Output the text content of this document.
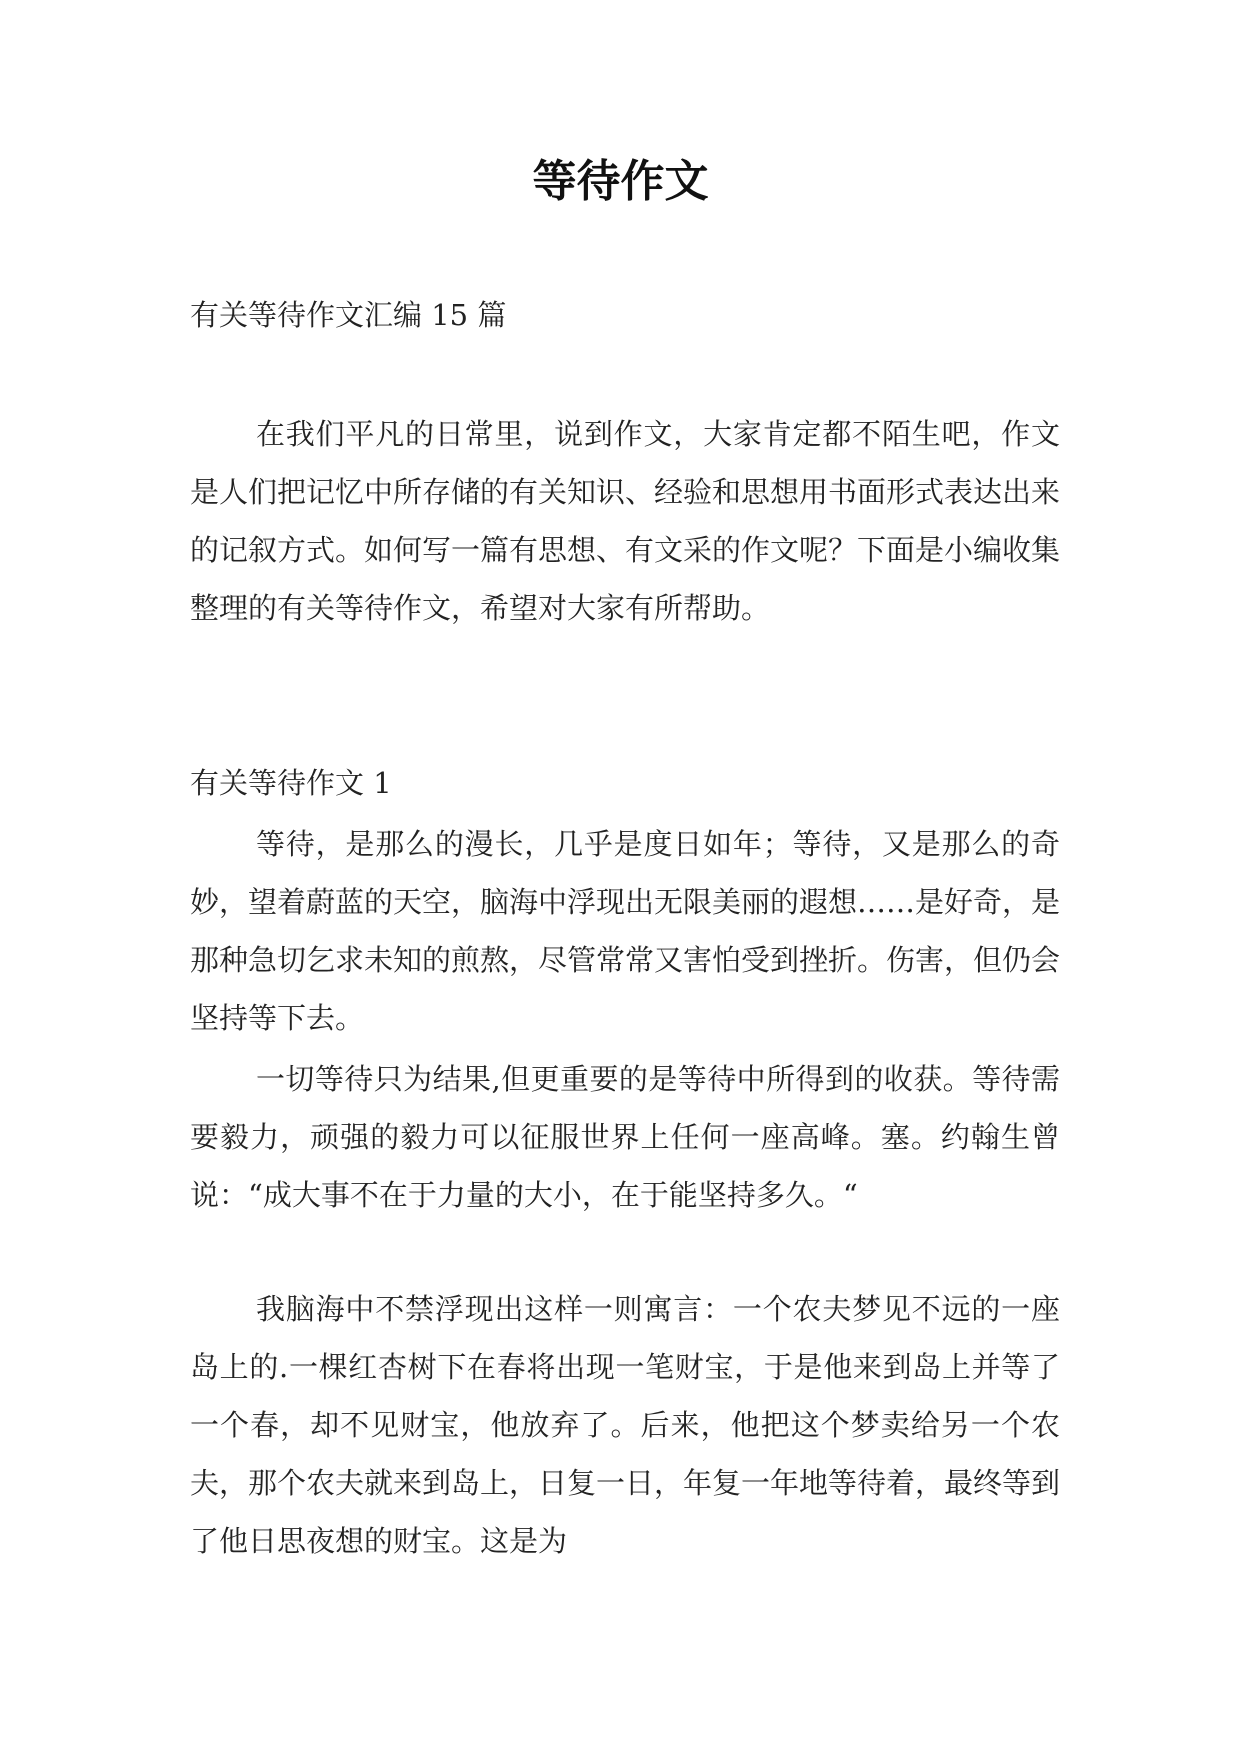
等待作文
有关等待作文汇编 15 篇
在我们平凡的日常里，说到作文，大家肯定都不陌生吧，作文是人们把记忆中所存储的有关知识、经验和思想用书面形式表达出来的记叙方式。如何写一篇有思想、有文采的作文呢？下面是小编收集整理的有关等待作文，希望对大家有所帮助。
有关等待作文 1
等待，是那么的漫长，几乎是度日如年；等待，又是那么的奇妙，望着蔚蓝的天空，脑海中浮现出无限美丽的遐想……是好奇，是那种急切乞求未知的煎熬，尽管常常又害怕受到挫折。伤害，但仍会坚持等下去。
一切等待只为结果,但更重要的是等待中所得到的收获。等待需要毅力，顽强的毅力可以征服世界上任何一座高峰。塞。约翰生曾说：“成大事不在于力量的大小，在于能坚持多久。“
我脑海中不禁浮现出这样一则寓言：一个农夫梦见不远的一座岛上的.一棵红杏树下在春将出现一笔财宝，于是他来到岛上并等了一个春，却不见财宝，他放弃了。后来，他把这个梦卖给另一个农夫，那个农夫就来到岛上，日复一日，年复一年地等待着，最终等到了他日思夜想的财宝。这是为
